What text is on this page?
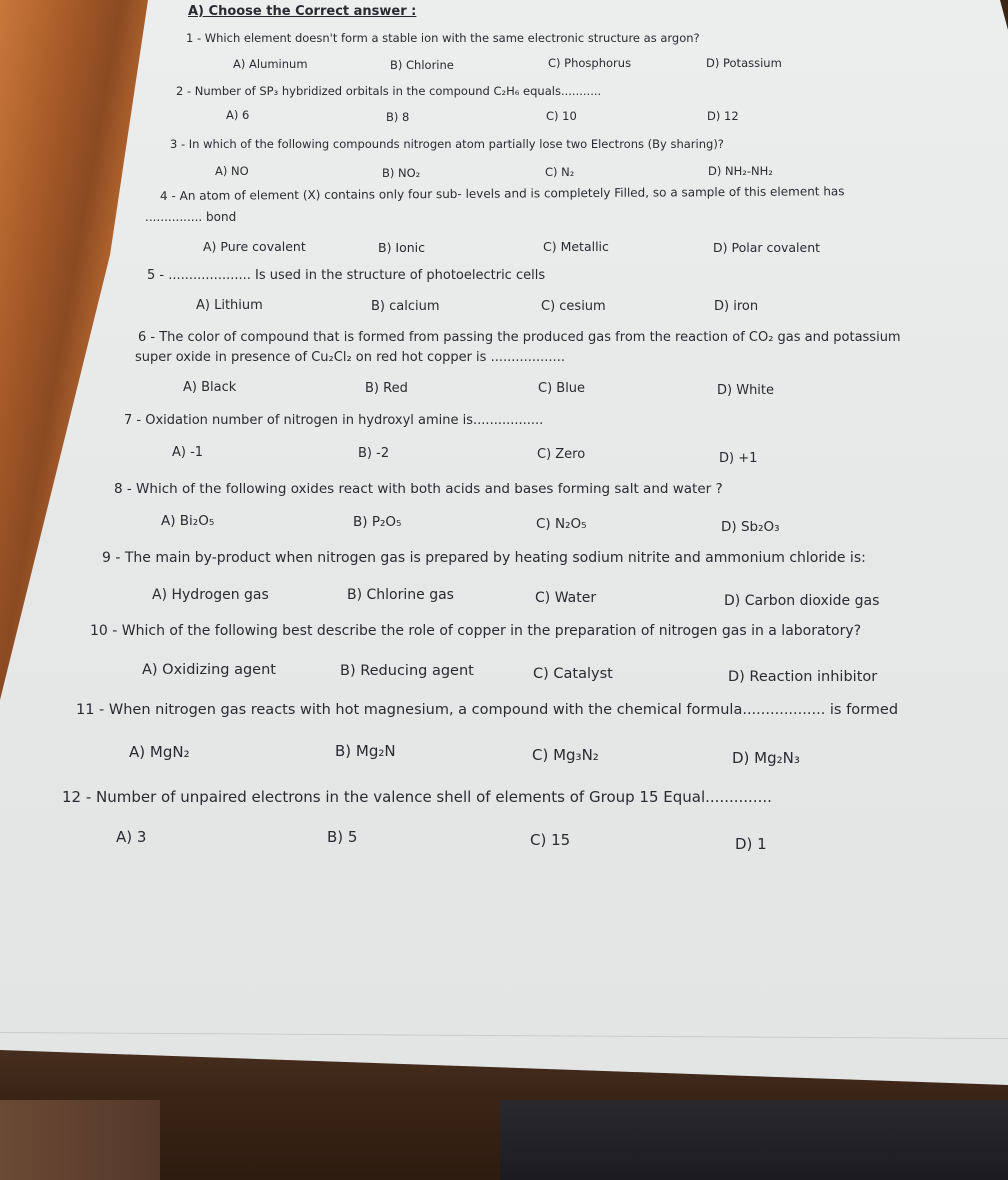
A) Choose the Correct answer :
1 - Which element doesn't form a stable ion with the same electronic structure as argon?
A) Aluminum	B) Chlorine	C) Phosphorus	D) Potassium
2 - Number of SP₃ hybridized orbitals in the compound C₂H₆ equals...........
A) 6	B) 8	C) 10	D) 12
3 - In which of the following compounds nitrogen atom partially lose two Electrons (By sharing)?
A) NO	B) NO₂	C) N₂	D) NH₂-NH₂
4 - An atom of element (X) contains only four sub- levels and is completely Filled, so a sample of this element has
............... bond
A) Pure covalent	B) Ionic	C) Metallic	D) Polar covalent
5 - .................... Is used in the structure of photoelectric cells
A) Lithium	B) calcium	C) cesium	D) iron
6 - The color of compound that is formed from passing the produced gas from the reaction of CO₂ gas and potassium
super oxide in presence of Cu₂Cl₂ on red hot copper is ..................
A) Black	B) Red	C) Blue	D) White
7 - Oxidation number of nitrogen in hydroxyl amine is.................
A) -1	B) -2	C) Zero	D) +1
8 - Which of the following oxides react with both acids and bases forming salt and water ?
A) Bi₂O₅	B) P₂O₅	C) N₂O₅	D) Sb₂O₃
9 - The main by-product when nitrogen gas is prepared by heating sodium nitrite and ammonium chloride is:
A) Hydrogen gas	B) Chlorine gas	C) Water	D) Carbon dioxide gas
10 - Which of the following best describe the role of copper in the preparation of nitrogen gas in a laboratory?
A) Oxidizing agent	B) Reducing agent	C) Catalyst	D) Reaction inhibitor
11 - When nitrogen gas reacts with hot magnesium, a compound with the chemical formula.................. is formed
A) MgN₂	B) Mg₂N	C) Mg₃N₂	D) Mg₂N₃
12 - Number of unpaired electrons in the valence shell of elements of Group 15 Equal..............
A) 3	B) 5	C) 15	D) 1
